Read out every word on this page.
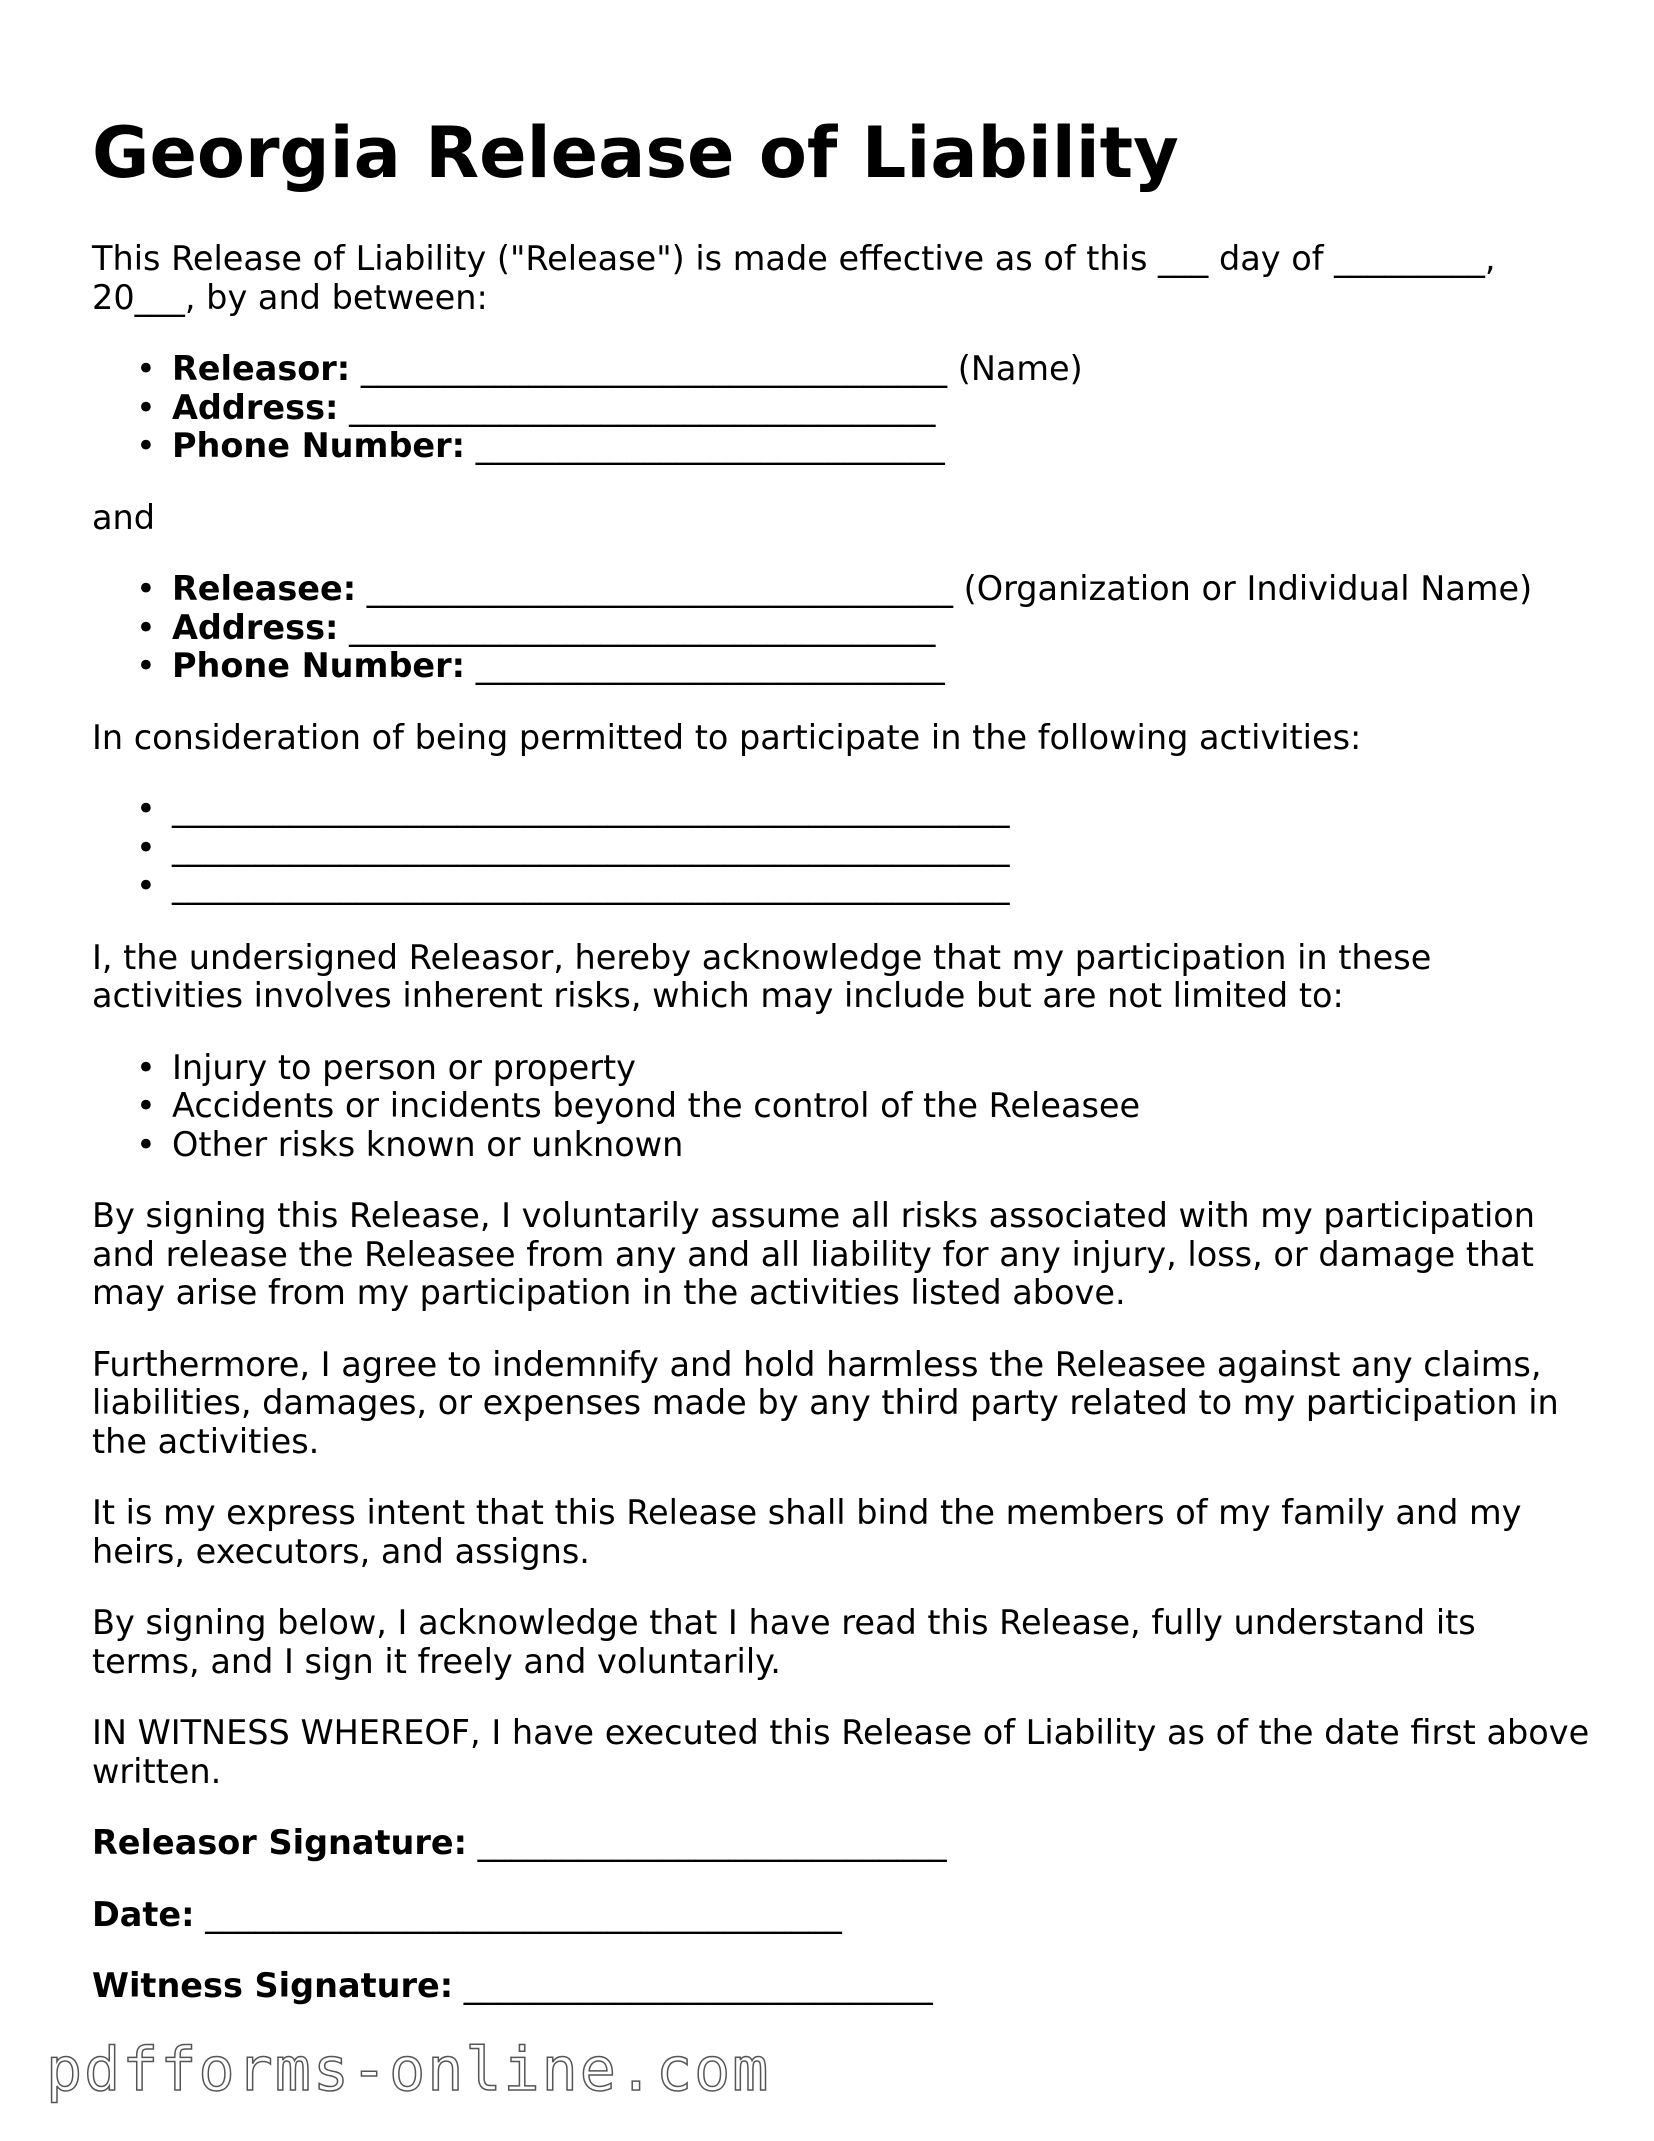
Georgia Release of Liability

This Release of Liability ("Release") is made effective as of this ___ day of _________, 20___, by and between:

• Releasor: ___________________________________ (Name)
• Address: ___________________________________
• Phone Number: ____________________________

and

• Releasee: ___________________________________ (Organization or Individual Name)
• Address: ___________________________________
• Phone Number: ____________________________

In consideration of being permitted to participate in the following activities:

• __________________________________________________
• __________________________________________________
• __________________________________________________

I, the undersigned Releasor, hereby acknowledge that my participation in these activities involves inherent risks, which may include but are not limited to:

• Injury to person or property
• Accidents or incidents beyond the control of the Releasee
• Other risks known or unknown

By signing this Release, I voluntarily assume all risks associated with my participation and release the Releasee from any and all liability for any injury, loss, or damage that may arise from my participation in the activities listed above.

Furthermore, I agree to indemnify and hold harmless the Releasee against any claims, liabilities, damages, or expenses made by any third party related to my participation in the activities.

It is my express intent that this Release shall bind the members of my family and my heirs, executors, and assigns.

By signing below, I acknowledge that I have read this Release, fully understand its terms, and I sign it freely and voluntarily.

IN WITNESS WHEREOF, I have executed this Release of Liability as of the date first above written.

Releasor Signature: ____________________________
Date: ______________________________________
Witness Signature: ____________________________
pdfforms-online.com
